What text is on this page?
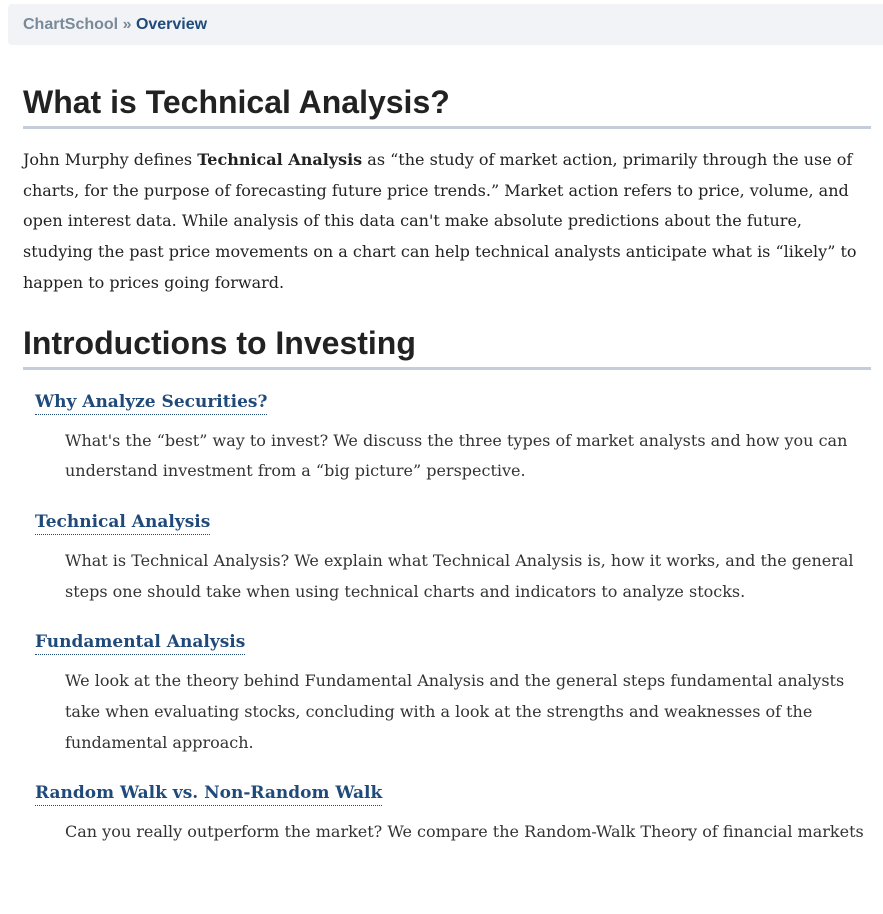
ChartSchool » Overview
What is Technical Analysis?

John Murphy defines Technical Analysis as “the study of market action, primarily through the use of charts, for the purpose of forecasting future price trends.” Market action refers to price, volume, and open interest data. While analysis of this data can't make absolute predictions about the future, studying the past price movements on a chart can help technical analysts anticipate what is “likely” to happen to prices going forward.

Introductions to Investing
Why Analyze Securities?
What's the “best” way to invest? We discuss the three types of market analysts and how you can understand investment from a “big picture” perspective.
Technical Analysis
What is Technical Analysis? We explain what Technical Analysis is, how it works, and the general steps one should take when using technical charts and indicators to analyze stocks.
Fundamental Analysis
We look at the theory behind Fundamental Analysis and the general steps fundamental analysts take when evaluating stocks, concluding with a look at the strengths and weaknesses of the fundamental approach.
Random Walk vs. Non-Random Walk
Can you really outperform the market? We compare the Random-Walk Theory of financial markets
